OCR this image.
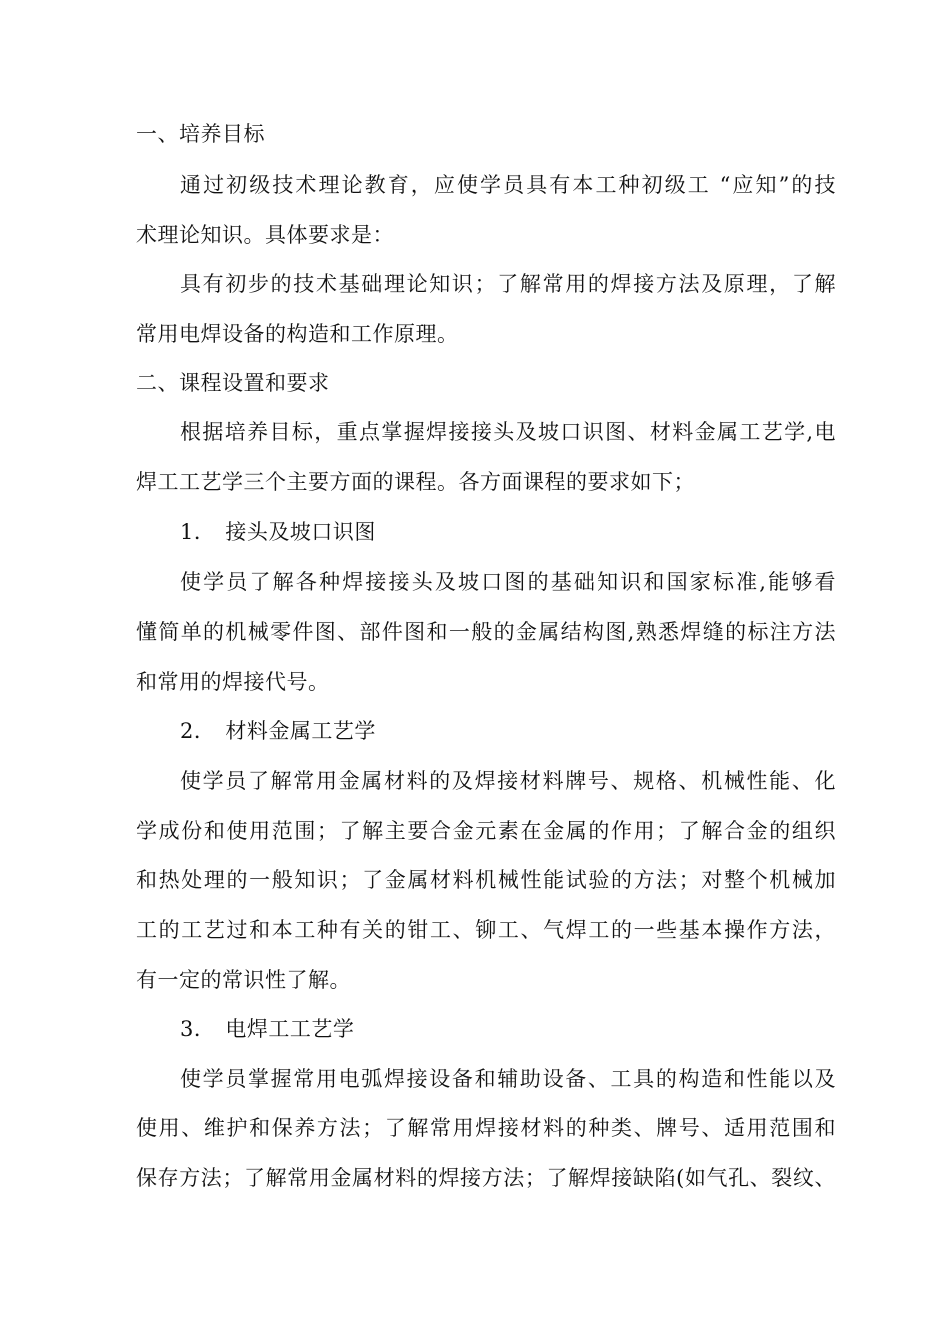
一、培养目标
通过初级技术理论教育，应使学员具有本工种初级工 “应知”的技
术理论知识。具体要求是：
具有初步的技术基础理论知识；了解常用的焊接方法及原理，了解
常用电焊设备的构造和工作原理。
二、课程设置和要求
根据培养目标，重点掌握焊接接头及坡口识图、材料金属工艺学,电
焊工工艺学三个主要方面的课程。各方面课程的要求如下；
1． 接头及坡口识图
使学员了解各种焊接接头及坡口图的基础知识和国家标准,能够看
懂简单的机械零件图、部件图和一般的金属结构图,熟悉焊缝的标注方法
和常用的焊接代号。
2． 材料金属工艺学
使学员了解常用金属材料的及焊接材料牌号、规格、机械性能、化
学成份和使用范围；了解主要合金元素在金属的作用；了解合金的组织
和热处理的一般知识；了金属材料机械性能试验的方法；对整个机械加
工的工艺过和本工种有关的钳工、铆工、气焊工的一些基本操作方法，
有一定的常识性了解。
3． 电焊工工艺学
使学员掌握常用电弧焊接设备和辅助设备、工具的构造和性能以及
使用、维护和保养方法；了解常用焊接材料的种类、牌号、适用范围和
保存方法；了解常用金属材料的焊接方法；了解焊接缺陷(如气孔、裂纹、
